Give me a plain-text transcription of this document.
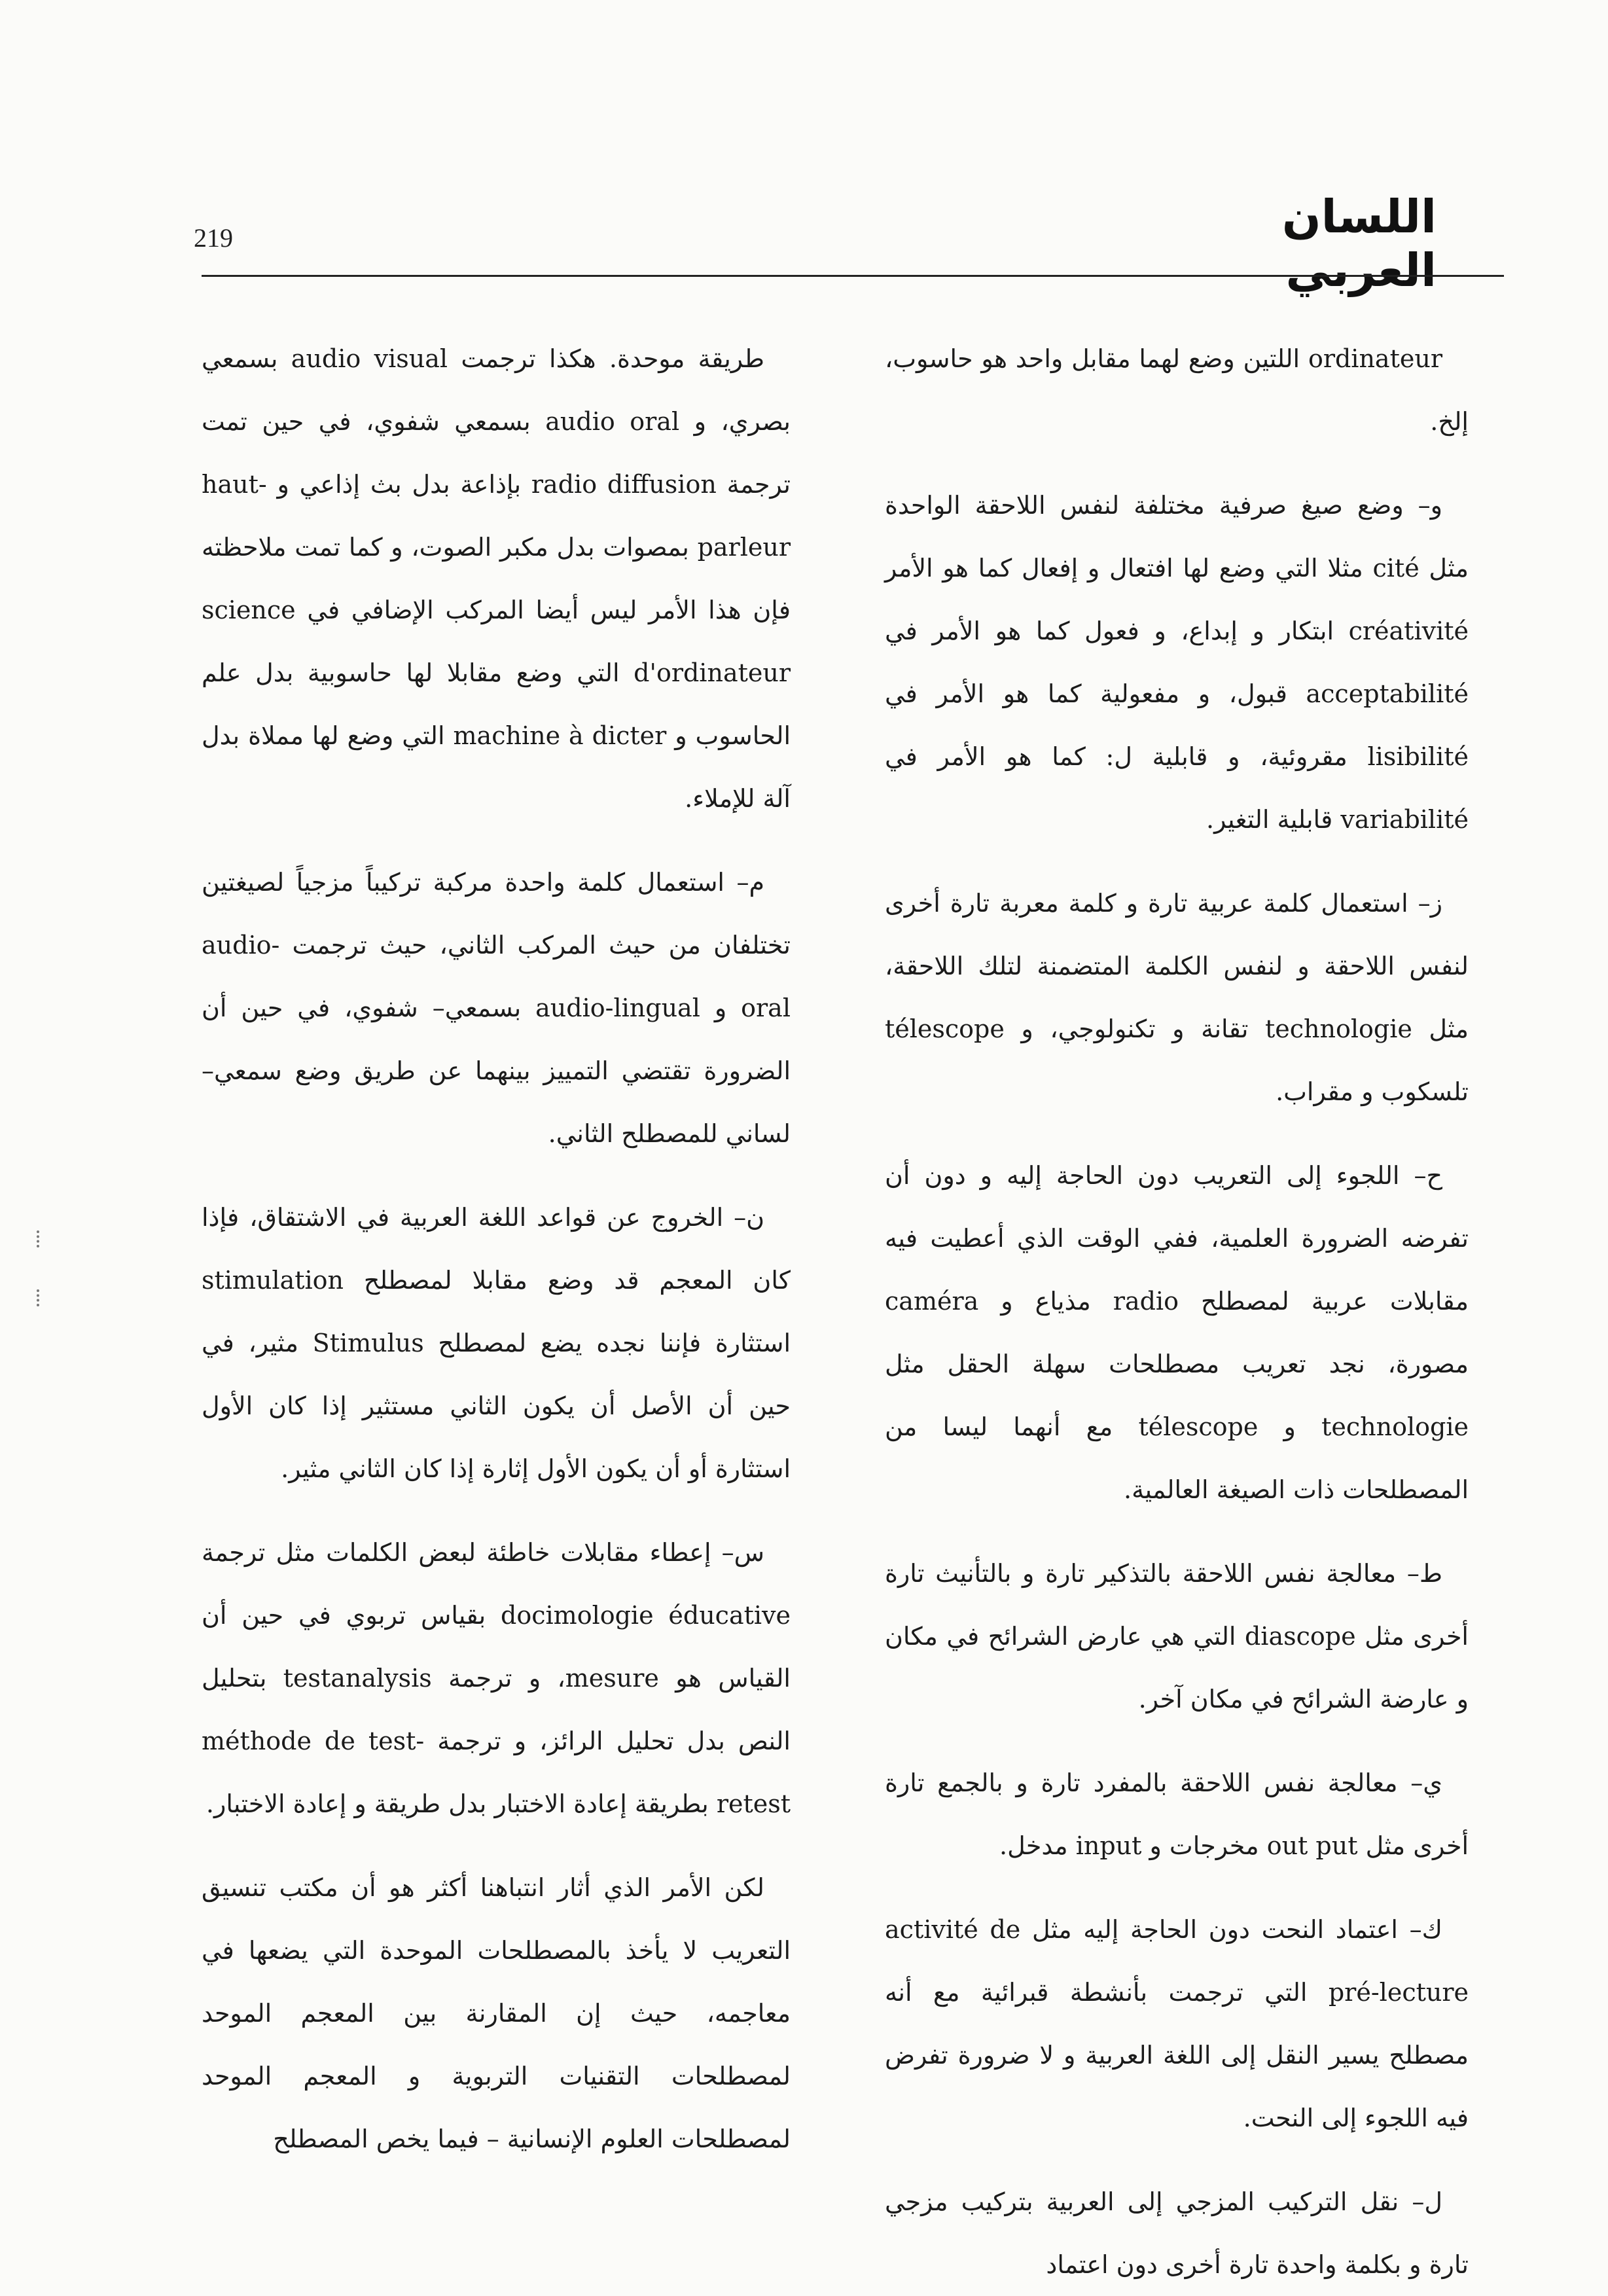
219	اللسان العربي

ordinateur اللتين وضع لهما مقابل واحد هو حاسوب، إلخ.

و– وضع صيغ صرفية مختلفة لنفس اللاحقة الواحدة مثل cité مثلا التي وضع لها افتعال و إفعال كما هو الأمر créativité ابتكار و إبداع، و فعول كما هو الأمر في acceptabilité قبول، و مفعولية كما هو الأمر في lisibilité مقروئية، و قابلية ل: كما هو الأمر في variabilité قابلية التغير.

ز– استعمال كلمة عربية تارة و كلمة معربة تارة أخرى لنفس اللاحقة و لنفس الكلمة المتضمنة لتلك اللاحقة، مثل technologie تقانة و تكنولوجي، و télescope تلسكوب و مقراب.

ح– اللجوء إلى التعريب دون الحاجة إليه و دون أن تفرضه الضرورة العلمية، ففي الوقت الذي أعطيت فيه مقابلات عربية لمصطلح radio مذياع و caméra مصورة، نجد تعريب مصطلحات سهلة الحقل مثل technologie و télescope مع أنهما ليسا من المصطلحات ذات الصيغة العالمية.

ط– معالجة نفس اللاحقة بالتذكير تارة و بالتأنيث تارة أخرى مثل diascope التي هي عارض الشرائح في مكان و عارضة الشرائح في مكان آخر.

ي– معالجة نفس اللاحقة بالمفرد تارة و بالجمع تارة أخرى مثل out put مخرجات و input مدخل.

ك– اعتماد النحت دون الحاجة إليه مثل activité de pré-lecture التي ترجمت بأنشطة قبرائية مع أنه مصطلح يسير النقل إلى اللغة العربية و لا ضرورة تفرض فيه اللجوء إلى النحت.

ل– نقل التركيب المزجي إلى العربية بتركيب مزجي تارة و بكلمة واحدة تارة أخرى دون اعتماد

طريقة موحدة. هكذا ترجمت audio visual بسمعي بصري، و audio oral بسمعي شفوي، في حين تمت ترجمة radio diffusion بإذاعة بدل بث إذاعي و haut-parleur بمصوات بدل مكبر الصوت، و كما تمت ملاحظته فإن هذا الأمر ليس أيضا المركب الإضافي في science d'ordinateur التي وضع مقابلا لها حاسوبية بدل علم الحاسوب و machine à dicter التي وضع لها مملاة بدل آلة للإملاء.

م– استعمال كلمة واحدة مركبة تركيباً مزجياً لصيغتين تختلفان من حيث المركب الثاني، حيث ترجمت audio-oral و audio-lingual بسمعي– شفوي، في حين أن الضرورة تقتضي التمييز بينهما عن طريق وضع سمعي– لساني للمصطلح الثاني.

ن– الخروج عن قواعد اللغة العربية في الاشتقاق، فإذا كان المعجم قد وضع مقابلا لمصطلح stimulation استثارة فإننا نجده يضع لمصطلح Stimulus مثير، في حين أن الأصل أن يكون الثاني مستثير إذا كان الأول استثارة أو أن يكون الأول إثارة إذا كان الثاني مثير.

س– إعطاء مقابلات خاطئة لبعض الكلمات مثل ترجمة docimologie éducative بقياس تربوي في حين أن القياس هو mesure، و ترجمة testanalysis بتحليل النص بدل تحليل الرائز، و ترجمة méthode de test-retest بطريقة إعادة الاختبار بدل طريقة و إعادة الاختبار.

لكن الأمر الذي أثار انتباهنا أكثر هو أن مكتب تنسيق التعريب لا يأخذ بالمصطلحات الموحدة التي يضعها في معاجمه، حيث إن المقارنة بين المعجم الموحد لمصطلحات التقنيات التربوية و المعجم الموحد لمصطلحات العلوم الإنسانية – فيما يخص المصطلح
